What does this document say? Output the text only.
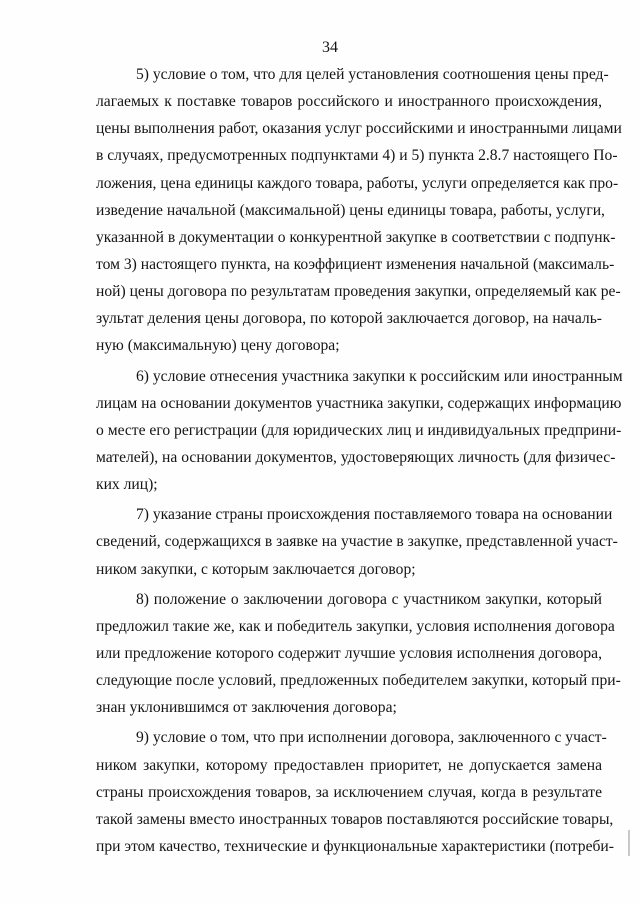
34

5) условие о том, что для целей установления соотношения цены пред-
лагаемых к поставке товаров российского и иностранного происхождения,
цены выполнения работ, оказания услуг российскими и иностранными лицами
в случаях, предусмотренных подпунктами 4) и 5) пункта 2.8.7 настоящего По-
ложения, цена единицы каждого товара, работы, услуги определяется как про-
изведение начальной (максимальной) цены единицы товара, работы, услуги,
указанной в документации о конкурентной закупке в соответствии с подпунк-
том 3) настоящего пункта, на коэффициент изменения начальной (максималь-
ной) цены договора по результатам проведения закупки, определяемый как ре-
зультат деления цены договора, по которой заключается договор, на началь-
ную (максимальную) цену договора;

6) условие отнесения участника закупки к российским или иностранным
лицам на основании документов участника закупки, содержащих информацию
о месте его регистрации (для юридических лиц и индивидуальных предприни-
мателей), на основании документов, удостоверяющих личность (для физичес-
ких лиц);

7) указание страны происхождения поставляемого товара на основании
сведений, содержащихся в заявке на участие в закупке, представленной участ-
ником закупки, с которым заключается договор;

8) положение о заключении договора с участником закупки, который
предложил такие же, как и победитель закупки, условия исполнения договора
или предложение которого содержит лучшие условия исполнения договора,
следующие после условий, предложенных победителем закупки, который при-
знан уклонившимся от заключения договора;

9) условие о том, что при исполнении договора, заключенного с участ-
ником закупки, которому предоставлен приоритет, не допускается замена
страны происхождения товаров, за исключением случая, когда в результате
такой замены вместо иностранных товаров поставляются российские товары,
при этом качество, технические и функциональные характеристики (потреби-
